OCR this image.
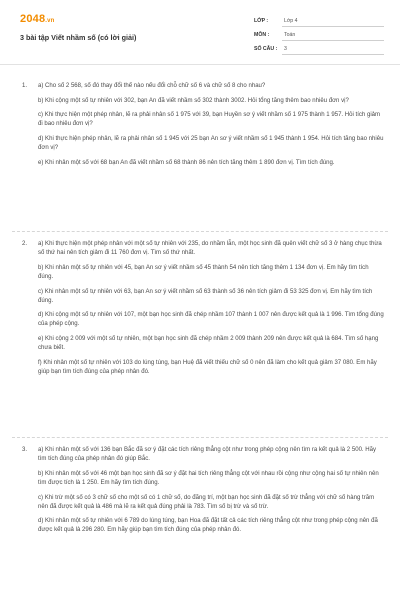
2048.vn
3 bài tập Viết nhầm số (có lời giải)
LỚP :	Lớp 4
MÔN :	Toán
SỐ CÂU : 3
1. a) Cho số 2 568, số đó thay đổi thế nào nếu đổi chỗ chữ số 6 và chữ số 8 cho nhau?
b) Khi cộng một số tự nhiên với 302, bạn An đã viết nhầm số 302 thành 3002. Hỏi tổng tăng thêm bao nhiêu đơn vị?
c) Khi thực hiện một phép nhân, lẽ ra phải nhân số 1 975 với 39, bạn Huyền sơ ý viết nhầm số 1 975 thành 1 957. Hỏi tích giảm đi bao nhiêu đơn vị?
d) Khi thực hiện phép nhân, lẽ ra phải nhân số 1 945 với 25 bạn An sơ ý viết nhầm số 1 945 thành 1 954. Hỏi tích tăng bao nhiêu đơn vị?
e) Khi nhân một số với 68 bạn An đã viết nhầm số 68 thành 86 nên tích tăng thêm 1 890 đơn vị. Tìm tích đúng.
2. a) Khi thực hiện một phép nhân với một số tự nhiên với 235, do nhầm lẫn, một học sinh đã quên viết chữ số 3 ở hàng chục thừa số thứ hai nên tích giảm đi 11 760 đơn vị. Tìm số thứ nhất.
b) Khi nhân một số tự nhiên với 45, bạn An sơ ý viết nhầm số 45 thành 54 nên tích tăng thêm 1 134 đơn vị. Em hãy tìm tích đúng.
c) Khi nhân một số tự nhiên với 63, bạn An sơ ý viết nhầm số 63 thành số 36 nên tích giảm đi 53 325 đơn vị. Em hãy tìm tích đúng.
d) Khi cộng một số tự nhiên với 107, một bạn học sinh đã chép nhầm 107 thành 1 007 nên được kết quả là 1 996. Tìm tổng đúng của phép cộng.
e) Khi cộng 2 009 với một số tự nhiên, một bạn học sinh đã chép nhầm 2 009 thành 209 nên được kết quả là 684. Tìm số hạng chưa biết.
f) Khi nhân một số tự nhiên với 103 do lúng túng, bạn Huệ đã viết thiếu chữ số 0 nên đã làm cho kết quả giảm 37 080. Em hãy giúp bạn tìm tích đúng của phép nhân đó.
3. a) Khi nhân một số với 136 bạn Bắc đã sơ ý đặt các tích riêng thẳng cột như trong phép cộng nên tìm ra kết quả là 2 500. Hãy tìm tích đúng của phép nhân đó giúp Bắc.
b) Khi nhân một số với 46 một bạn học sinh đã sơ ý đặt hai tích riêng thẳng cột với nhau rồi cộng như cộng hai số tự nhiên nên tìm được tích là 1 250. Em hãy tìm tích đúng.
c) Khi trừ một số có 3 chữ số cho một số có 1 chữ số, do đãng trí, một bạn học sinh đã đặt số trừ thẳng với chữ số hàng trăm nên đã được kết quả là 486 mà lẽ ra kết quả đúng phải là 783. Tìm số bị trừ và số trừ.
d) Khi nhân một số tự nhiên với 6 789 do lúng túng, bạn Hoa đã đặt tất cả các tích riêng thẳng cột như trong phép cộng nên đã được kết quả là 296 280. Em hãy giúp bạn tìm tích đúng của phép nhân đó.
